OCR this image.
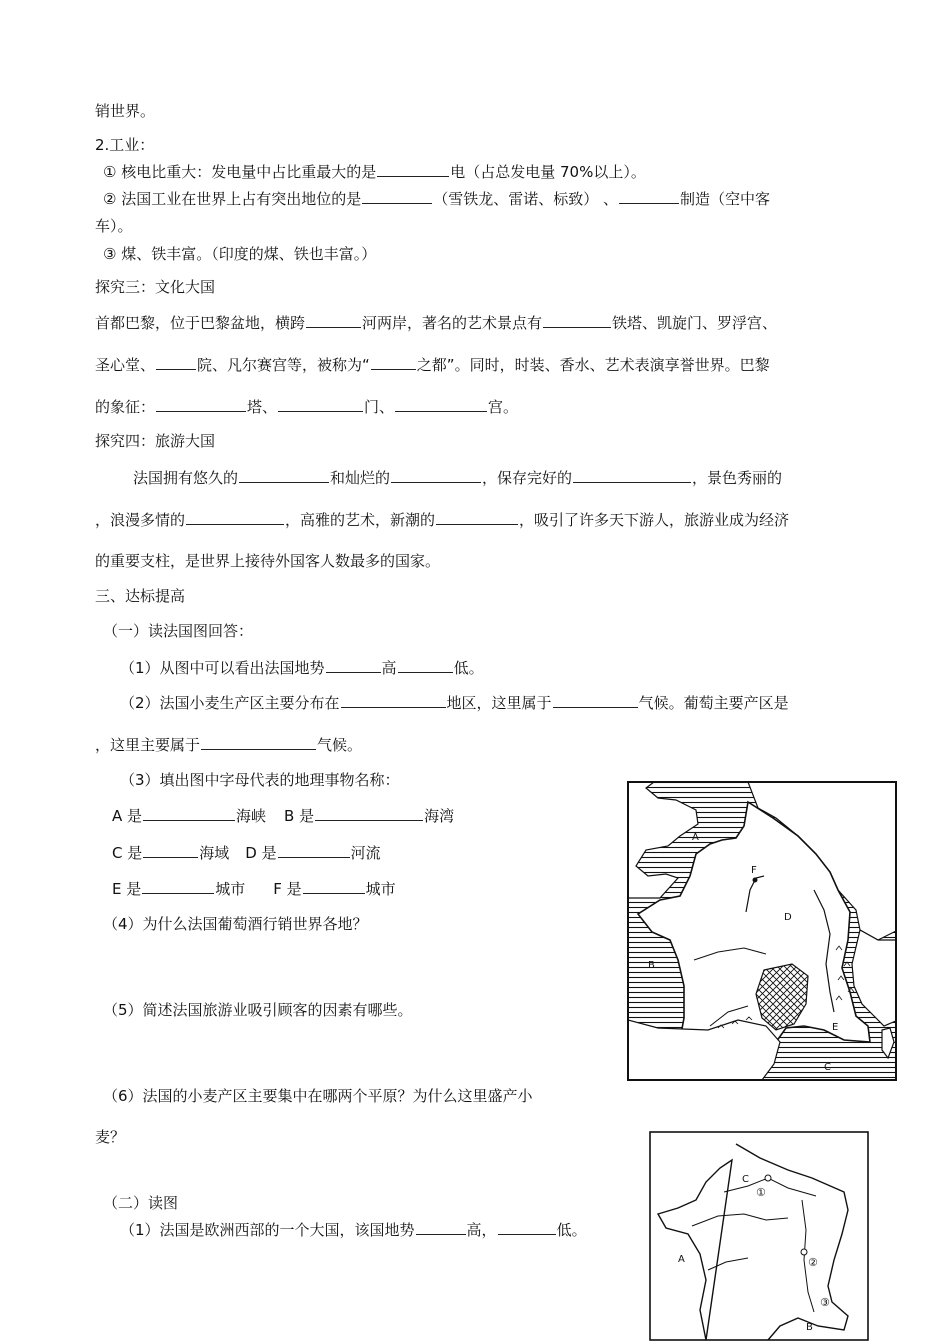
销世界。
2.工业：
① 核电比重大：发电量中占比重最大的是	电（占总发电量 70%以上）。
② 法国工业在世界上占有突出地位的是	（雪铁龙、雷诺、标致） 、	制造（空中客
车）。
③ 煤、铁丰富。（印度的煤、铁也丰富。）
探究三：文化大国
首都巴黎，位于巴黎盆地，横跨	河两岸，著名的艺术景点有	铁塔、凯旋门、罗浮宫、
圣心堂、	院、凡尔赛宫等，被称为“	之都”。同时，时装、香水、艺术表演享誉世界。巴黎
的象征：	塔、	门、	宫。
探究四：旅游大国
法国拥有悠久的	和灿烂的	，保存完好的	，景色秀丽的
，浪漫多情的	，高雅的艺术，新潮的	，吸引了许多天下游人，旅游业成为经济
的重要支柱，是世界上接待外国客人数最多的国家。
三、达标提高
（一）读法国图回答：
（1）从图中可以看出法国地势	高	低。
（2）法国小麦生产区主要分布在	地区，这里属于	气候。葡萄主要产区是
，这里主要属于	气候。
（3）填出图中字母代表的地理事物名称：
A 是	海峡 B 是	海湾
C 是	海域 D 是	河流
E 是	城市 F 是	城市
（4）为什么法国葡萄酒行销世界各地？
（5）简述法国旅游业吸引顾客的因素有哪些。
（6）法国的小麦产区主要集中在哪两个平原？为什么这里盛产小
麦？
（二）读图
（1）法国是欧洲西部的一个大国，该国地势	高，	低。
A
B
C
D
E
F
C
①
A	②
③
B
